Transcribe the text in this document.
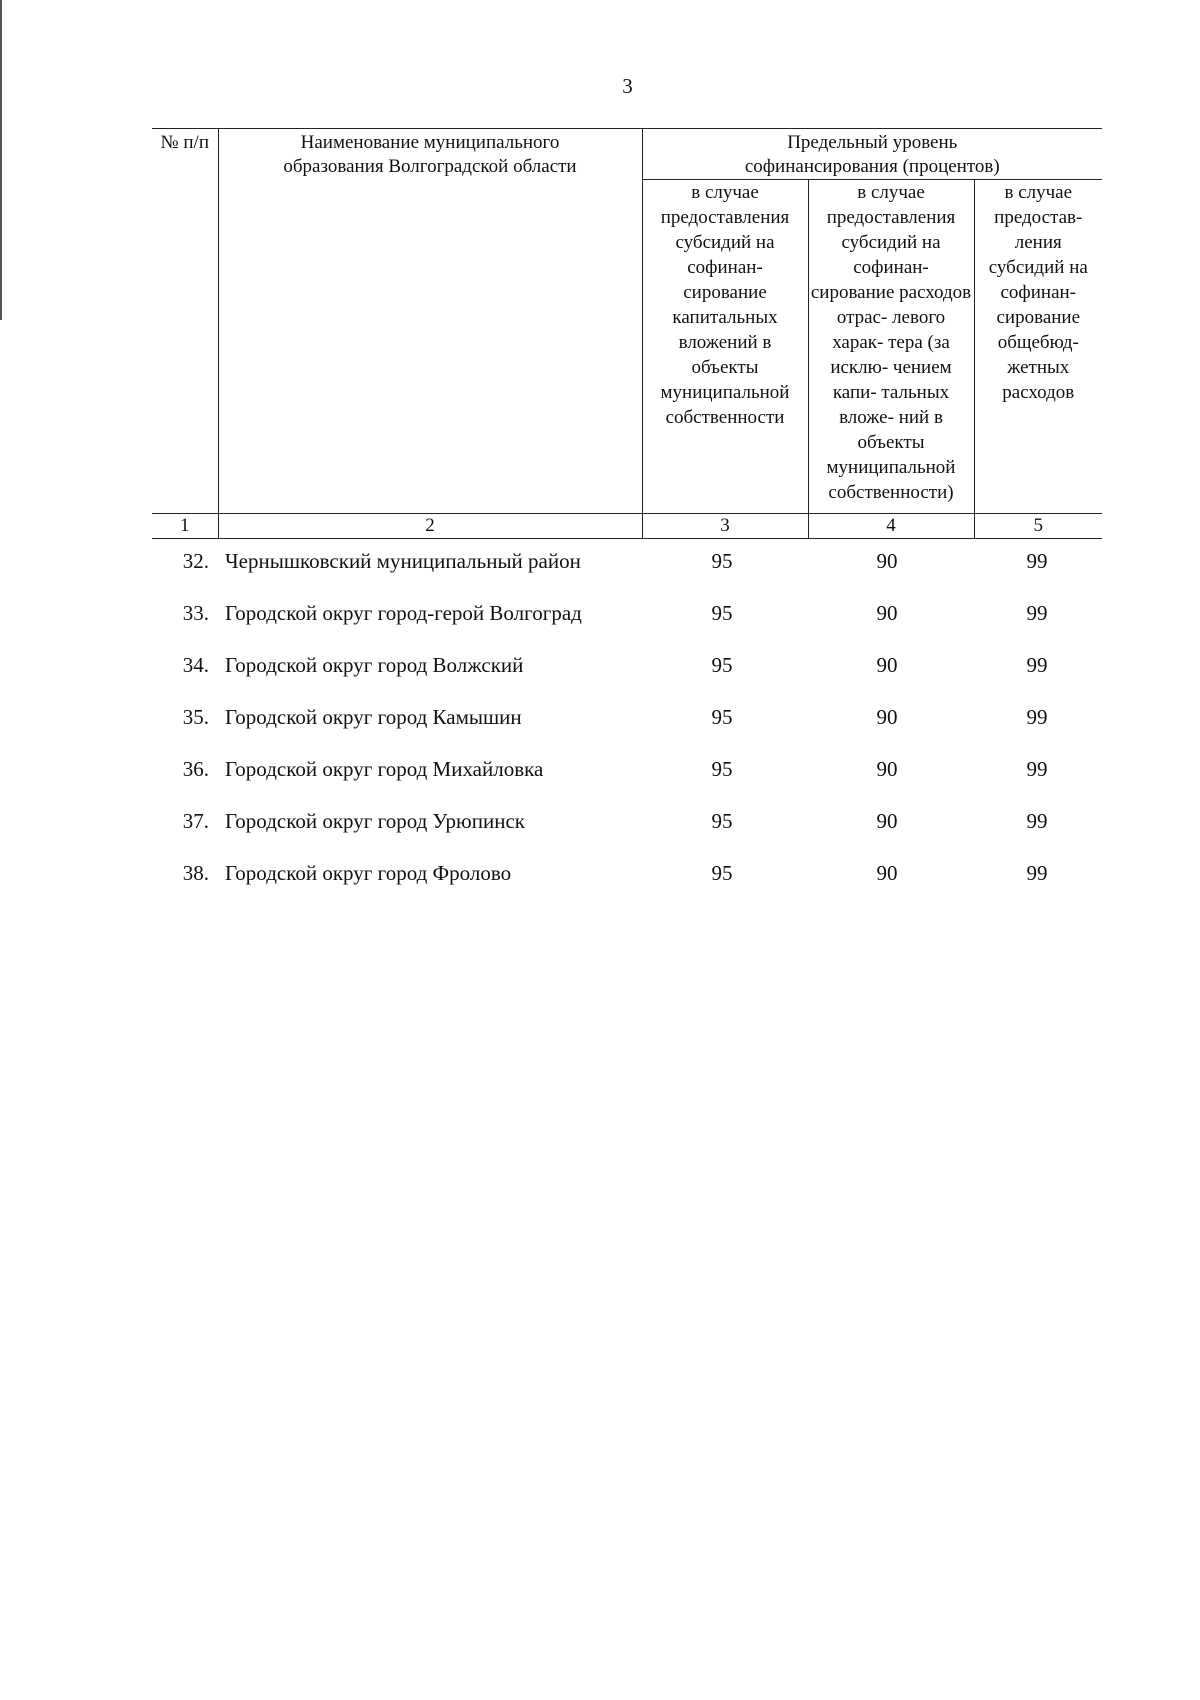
3
№ п/п	Наименование муниципального образования Волгоградской области	Предельный уровень софинансирования (процентов)		
		в случае предоставления субсидий на софинан- сирование капитальных вложений в объекты муниципальной собственности	в случае предоставления субсидий на софинан- сирование расходов отрас- левого харак- тера (за исклю- чением капи- тальных вложе- ний в объекты муниципальной собственности)	в случае предостав- ления субсидий на софинан- сирование общебюд- жетных расходов
1	2	3	4	5
32. Чернышковский муниципальный район	95	90	99
33. Городской округ город-герой Волгоград	95	90	99
34. Городской округ город Волжский	95	90	99
35. Городской округ город Камышин	95	90	99
36. Городской округ город Михайловка	95	90	99
37. Городской округ город Урюпинск	95	90	99
38. Городской округ город Фролово	95	90	99
